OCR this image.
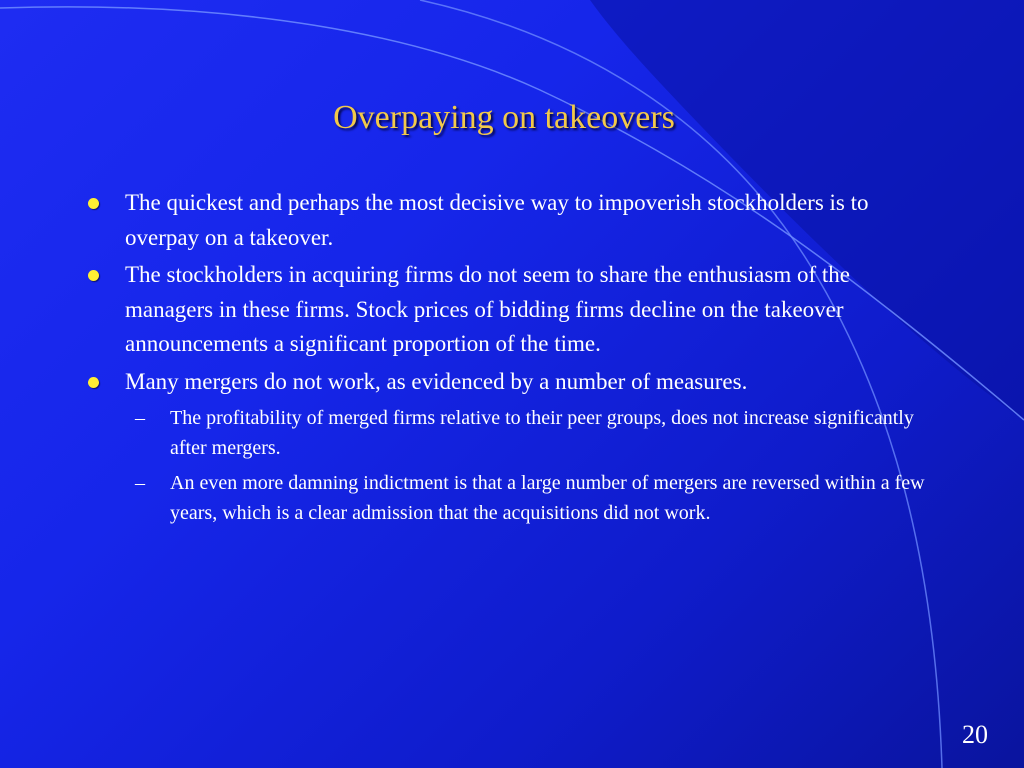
Overpaying on takeovers
The quickest and perhaps the most decisive way to impoverish stockholders is to overpay on a takeover.
The stockholders in acquiring firms do not seem to share the enthusiasm of the managers in these firms. Stock prices of bidding firms decline on the takeover announcements a significant proportion of the time.
Many mergers do not work, as evidenced by a number of measures.
– The profitability of merged firms relative to their peer groups, does not increase significantly after mergers.
– An even more damning indictment is that a large number of mergers are reversed within a few years, which is a clear admission that the acquisitions did not work.
20
